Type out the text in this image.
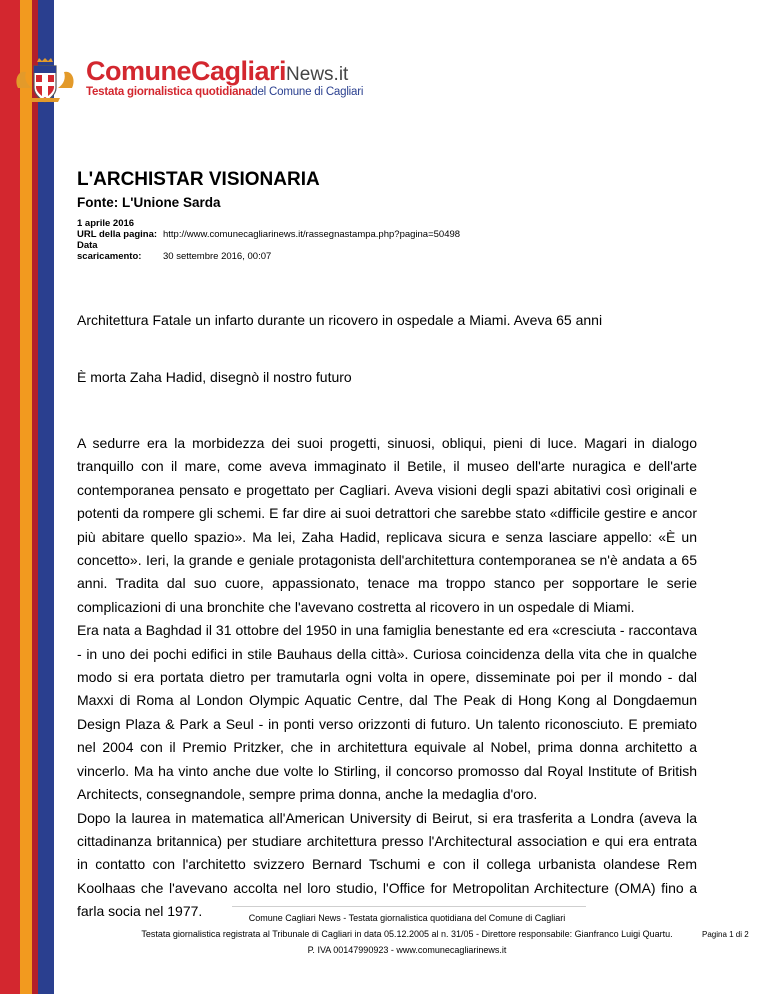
ComuneCagliariNews.it
Testata giornalistica quotidianadel Comune di Cagliari
L'ARCHISTAR VISIONARIA
Fonte: L'Unione Sarda
1 aprile 2016
URL della pagina: http://www.comunecagliarinews.it/rassegnastampa.php?pagina=50498
Data scaricamento: 30 settembre 2016, 00:07
Architettura Fatale un infarto durante un ricovero in ospedale a Miami. Aveva 65 anni
È morta Zaha Hadid, disegnò il nostro futuro

A sedurre era la morbidezza dei suoi progetti, sinuosi, obliqui, pieni di luce. Magari in dialogo tranquillo con il mare, come aveva immaginato il Betile, il museo dell'arte nuragica e dell'arte contemporanea pensato e progettato per Cagliari. Aveva visioni degli spazi abitativi così originali e potenti da rompere gli schemi. E far dire ai suoi detrattori che sarebbe stato «difficile gestire e ancor più abitare quello spazio». Ma lei, Zaha Hadid, replicava sicura e senza lasciare appello: «È un concetto». Ieri, la grande e geniale protagonista dell'architettura contemporanea se n'è andata a 65 anni. Tradita dal suo cuore, appassionato, tenace ma troppo stanco per sopportare le serie complicazioni di una bronchite che l'avevano costretta al ricovero in un ospedale di Miami.

Era nata a Baghdad il 31 ottobre del 1950 in una famiglia benestante ed era «cresciuta - raccontava - in uno dei pochi edifici in stile Bauhaus della città». Curiosa coincidenza della vita che in qualche modo si era portata dietro per tramutarla ogni volta in opere, disseminate poi per il mondo - dal Maxxi di Roma al London Olympic Aquatic Centre, dal The Peak di Hong Kong al Dongdaemun Design Plaza & Park a Seul - in ponti verso orizzonti di futuro. Un talento riconosciuto. E premiato nel 2004 con il Premio Pritzker, che in architettura equivale al Nobel, prima donna architetto a vincerlo. Ma ha vinto anche due volte lo Stirling, il concorso promosso dal Royal Institute of British Architects, consegnandole, sempre prima donna, anche la medaglia d'oro.

Dopo la laurea in matematica all'American University di Beirut, si era trasferita a Londra (aveva la cittadinanza britannica) per studiare architettura presso l'Architectural association e qui era entrata in contatto con l'architetto svizzero Bernard Tschumi e con il collega urbanista olandese Rem Koolhaas che l'avevano accolta nel loro studio, l'Office for Metropolitan Architecture (OMA) fino a farla socia nel 1977.	Comune Cagliari News - Testata giornalistica quotidiana del Comune di Cagliari
Testata giornalistica registrata al Tribunale di Cagliari in data 05.12.2005 al n. 31/05 - Direttore responsabile: Gianfranco Luigi Quartu.
P. IVA 00147990923 - www.comunecagliarinews.it
Pagina 1 di 2
